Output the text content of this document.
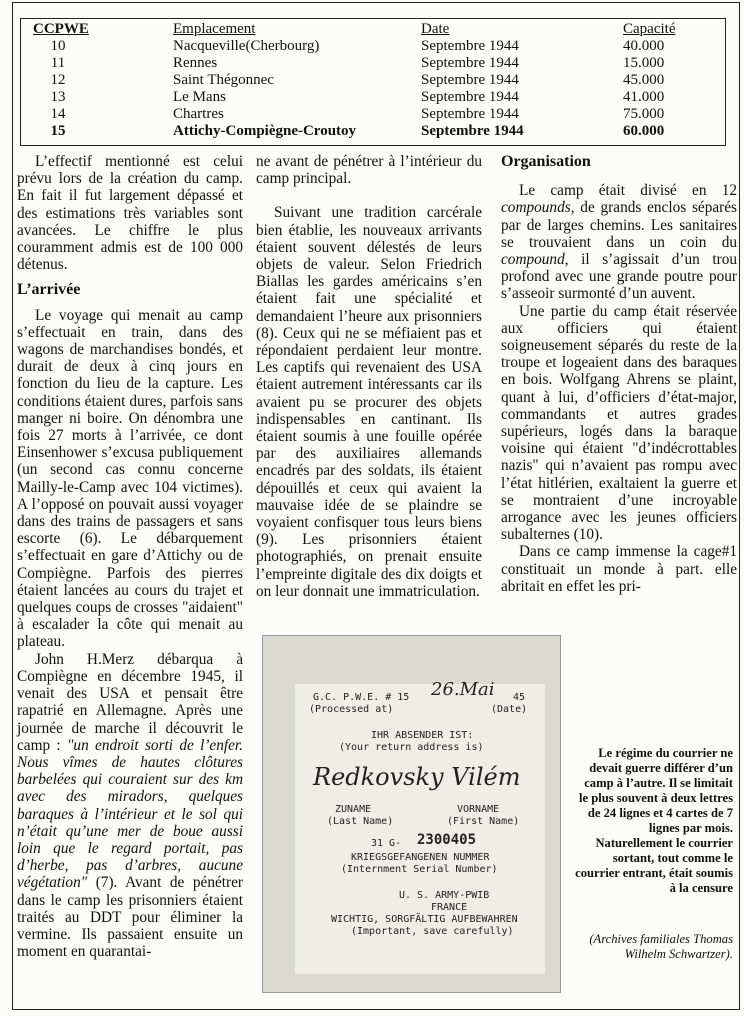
CCPWE	Emplacement	Date	Capacité
10	Nacqueville(Cherbourg)	Septembre 1944	40.000
11	Rennes	Septembre 1944	15.000
12	Saint Thégonnec	Septembre 1944	45.000
13	Le Mans	Septembre 1944	41.000
14	Chartres	Septembre 1944	75.000
15	Attichy-Compiègne-Croutoy	Septembre 1944	60.000

L’effectif mentionné est celui prévu lors de la création du camp. En fait il fut largement dépassé et des estimations très variables sont avancées. Le chiffre le plus couramment admis est de 100 000 détenus.

L’arrivée

Le voyage qui menait au camp s’effectuait en train, dans des wagons de marchandises bondés, et durait de deux à cinq jours en fonction du lieu de la capture. Les conditions étaient dures, parfois sans manger ni boire. On dénombra une fois 27 morts à l’arrivée, ce dont Einsenhower s’excusa publiquement (un second cas connu concerne Mailly-le-Camp avec 104 victimes). A l’opposé on pouvait aussi voyager dans des trains de passagers et sans escorte (6). Le débarquement s’effectuait en gare d’Attichy ou de Compiègne. Parfois des pierres étaient lancées au cours du trajet et quelques coups de crosses "aidaient" à escalader la côte qui menait au plateau.

John H.Merz débarqua à Compiègne en décembre 1945, il venait des USA et pensait être rapatrié en Allemagne. Après une journée de marche il découvrit le camp : "un endroit sorti de l’enfer. Nous vîmes de hautes clôtures barbelées qui couraient sur des km avec des miradors, quelques baraques à l’intérieur et le sol qui n’était qu’une mer de boue aussi loin que le regard portait, pas d’herbe, pas d’arbres, aucune végétation" (7). Avant de pénétrer dans le camp les prisonniers étaient traités au DDT pour éliminer la vermine. Ils passaient ensuite un moment en quarantai-

ne avant de pénétrer à l’intérieur du camp principal.

Suivant une tradition carcérale bien établie, les nouveaux arrivants étaient souvent délestés de leurs objets de valeur. Selon Friedrich Biallas les gardes américains s’en étaient fait une spécialité et demandaient l’heure aux prisonniers (8). Ceux qui ne se méfiaient pas et répondaient perdaient leur montre. Les captifs qui revenaient des USA étaient autrement intéressants car ils avaient pu se procurer des objets indispensables en cantinant. Ils étaient soumis à une fouille opérée par des auxiliaires allemands encadrés par des soldats, ils étaient dépouillés et ceux qui avaient la mauvaise idée de se plaindre se voyaient confisquer tous leurs biens (9). Les prisonniers étaient photographiés, on prenait ensuite l’empreinte digitale des dix doigts et on leur donnait une immatriculation.

Organisation

Le camp était divisé en 12 compounds, de grands enclos séparés par de larges chemins. Les sanitaires se trouvaient dans un coin du compound, il s’agissait d’un trou profond avec une grande poutre pour s’asseoir surmonté d’un auvent.

Une partie du camp était réservée aux officiers qui étaient soigneusement séparés du reste de la troupe et logeaient dans des baraques en bois. Wolfgang Ahrens se plaint, quant à lui, d’officiers d’état-major, commandants et autres grades supérieurs, logés dans la baraque voisine qui étaient "d’indécrottables nazis" qui n’avaient pas rompu avec l’état hitlérien, exaltaient la guerre et se montraient d’une incroyable arrogance avec les jeunes officiers subalternes (10).

Dans ce camp immense la cage#1 constituait un monde à part. elle abritait en effet les pri-

G.C. P.W.E. # 15 26.Mai 45
(Processed at)	(Date)
IHR ABSENDER IST:
(Your return address is)
Redkovsky Vilém
ZUNAME	VORNAME
(Last Name)	(First Name)
31 G- 2300405
KRIEGSGEFANGENEN NUMMER
(Internment Serial Number)
U. S. ARMY-PWIB
FRANCE
WICHTIG, SORGFÄLTIG AUFBEWAHREN
(Important, save carefully)
Le régime du courrier ne devait guerre différer d’un camp à l’autre. Il se limitait le plus souvent à deux lettres de 24 lignes et 4 cartes de 7 lignes par mois. Naturellement le courrier sortant, tout comme le courrier entrant, était soumis à la censure
(Archives familiales Thomas Wilhelm Schwartzer).
